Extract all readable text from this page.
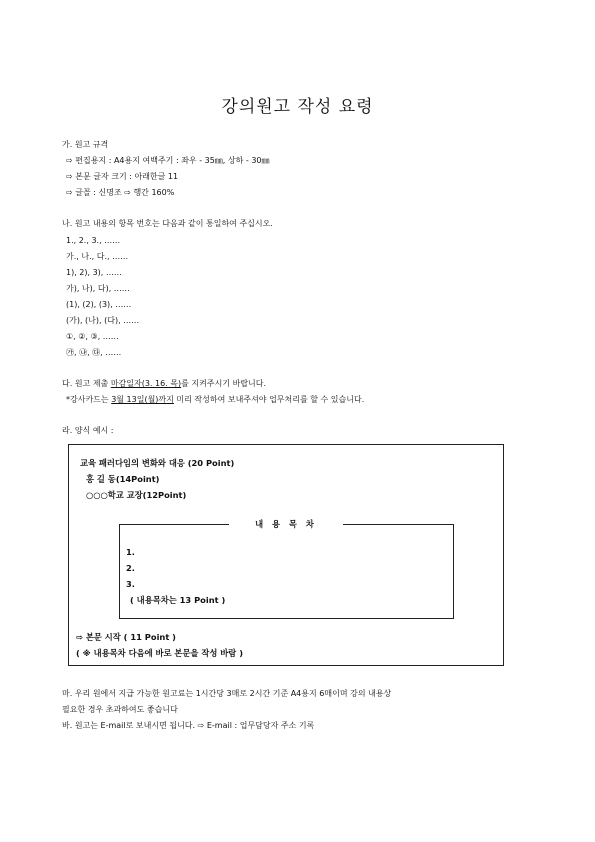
강의원고 작성 요령
가. 원고 규격
⇨ 편집용지 : A4용지 여백주기 : 좌우 - 35㎜, 상하 - 30㎜
⇨ 본문 글자 크기 : 아래한글 11
⇨ 글꼴 : 신명조 ⇨ 행간 160%
나. 원고 내용의 항목 번호는 다음과 같이 통일하여 주십시오.
1., 2., 3., ……
가., 나., 다., ……
1), 2), 3), ……
가), 나), 다), ……
(1), (2), (3), ……
(가), (나), (다), ……
①, ②, ③, ……
㉮, ㉯, ㉰, ……
다. 원고 제출 마감일자(3. 16. 목)를 지켜주시기 바랍니다.
*강사카드는 3월 13일(월)까지 미리 작성하여 보내주셔야 업무처리를 할 수 있습니다.
라. 양식 예시 :
교육 패러다임의 변화와 대응 (20 Point)
홍 길 동(14Point)
○○○학교 교장(12Point)
내 용 목 차
1.
2.
3.
( 내용목차는 13 Point )
⇨ 본문 시작 ( 11 Point )
( ※ 내용목차 다음에 바로 본문을 작성 바람 )
마. 우리 원에서 지급 가능한 원고료는 1시간당 3매로 2시간 기준 A4용지 6매이며 강의 내용상
필요한 경우 초과하여도 좋습니다
바. 원고는 E-mail로 보내시면 됩니다. ⇨ E-mail : 업무담당자 주소 기록
